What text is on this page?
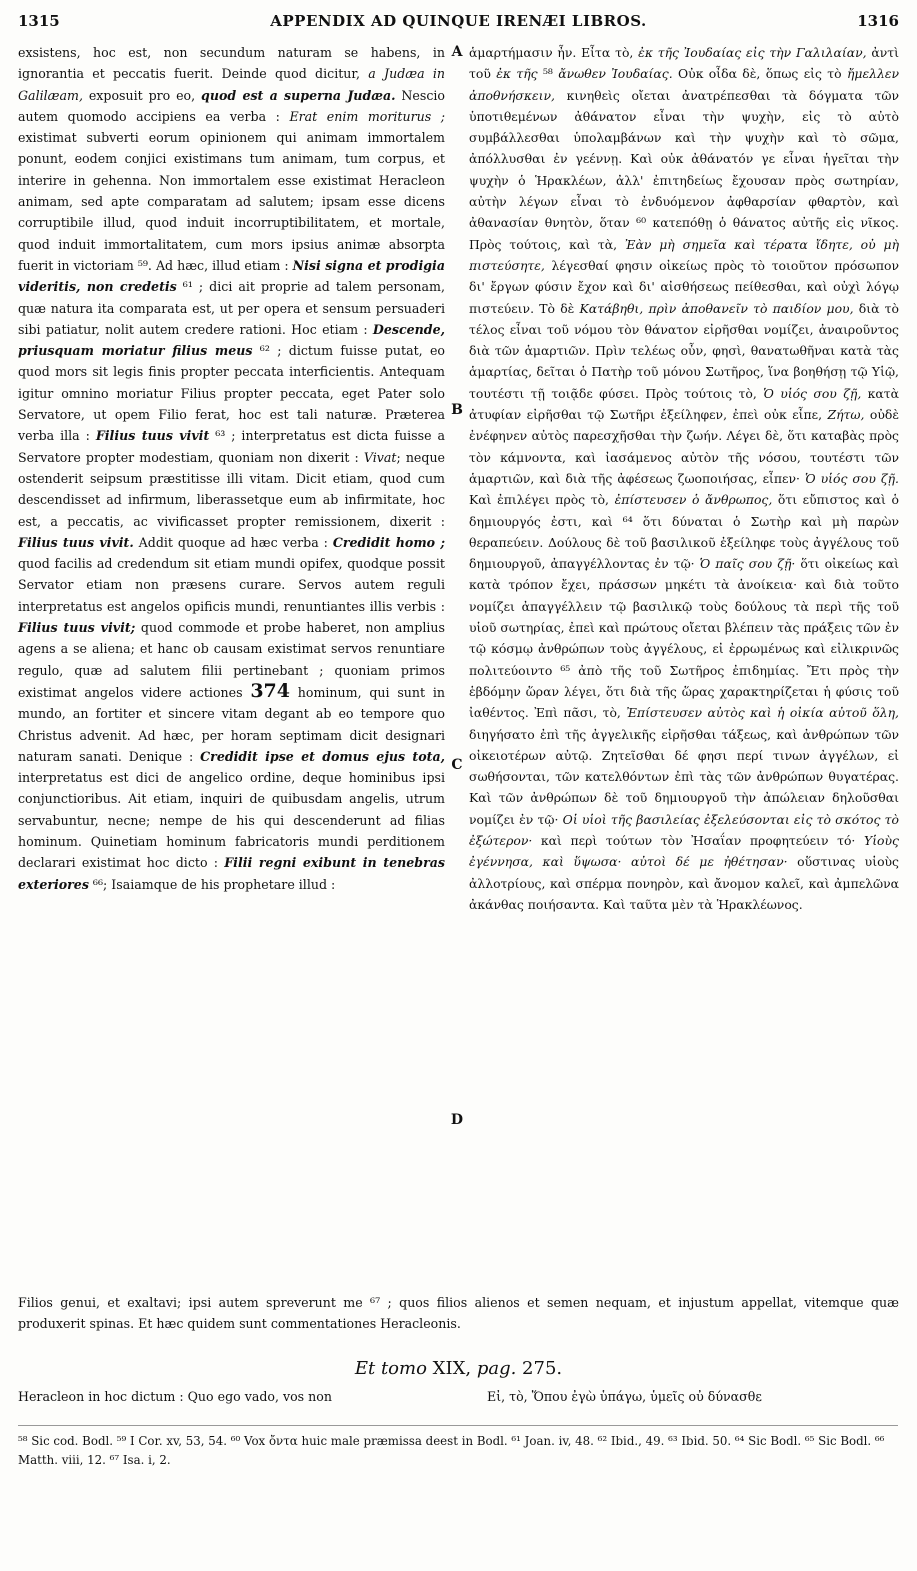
1315	APPENDIX AD QUINQUE IRENÆI LIBROS.	1316

exsistens, hoc est, non secundum naturam se habens, in ignorantia et peccatis fuerit. Deinde quod dicitur, a Judæa in Galilæam, exposuit pro eo, quod est a superna Judæa. Nescio autem quomodo accipiens ea verba : Erat enim moriturus ; existimat subverti eorum opinionem qui animam immortalem ponunt, eodem conjici existimans tum animam, tum corpus, et interire in gehenna. Non immortalem esse existimat Heracleon animam, sed apte comparatam ad salutem; ipsam esse dicens corruptibile illud, quod induit incorruptibilitatem, et mortale, quod induit immortalitatem, cum mors ipsius animæ absorpta fuerit in victoriam ⁵⁹. Ad hæc, illud etiam : Nisi signa et prodigia videritis, non credetis ⁶¹ ; dici ait proprie ad talem personam, quæ natura ita comparata est, ut per opera et sensum persuaderi sibi patiatur, nolit autem credere rationi. Hoc etiam : Descende, priusquam moriatur filius meus ⁶² ; dictum fuisse putat, eo quod mors sit legis finis propter peccata interficientis. Antequam igitur omnino moriatur Filius propter peccata, eget Pater solo Servatore, ut opem Filio ferat, hoc est tali naturæ. Præterea verba illa : Filius tuus vivit ⁶³ ; interpretatus est dicta fuisse a Servatore propter modestiam, quoniam non dixerit : Vivat; neque ostenderit seipsum præstitisse illi vitam. Dicit etiam, quod cum descendisset ad infirmum, liberassetque eum ab infirmitate, hoc est, a peccatis, ac vivificasset propter remissionem, dixerit : Filius tuus vivit. Addit quoque ad hæc verba : Credidit homo ; quod facilis ad credendum sit etiam mundi opifex, quodque possit Servator etiam non præsens curare. Servos autem reguli interpretatus est angelos opificis mundi, renuntiantes illis verbis : Filius tuus vivit; quod commode et probe haberet, non amplius agens a se aliena; et hanc ob causam existimat servos renuntiare regulo, quæ ad salutem filii pertinebant ; quoniam primos existimat angelos videre actiones 374 hominum, qui sunt in mundo, an fortiter et sincere vitam degant ab eo tempore quo Christus advenit. Ad hæc, per horam septimam dicit designari naturam sanati. Denique : Credidit ipse et domus ejus tota, interpretatus est dici de angelico ordine, deque hominibus ipsi conjunctioribus. Ait etiam, inquiri de quibusdam angelis, utrum servabuntur, necne; nempe de his qui descenderunt ad filias hominum. Quinetiam hominum fabricatoris mundi perditionem declarari existimat hoc dicto : Filii regni exibunt in tenebras exteriores ⁶⁶; Isaiamque de his prophetare illud :

A
B
C
D

ἁμαρτήμασιν ἦν. Εἶτα τὸ, ἐκ τῆς Ἰουδαίας εἰς τὴν Γαλιλαίαν, ἀντὶ τοῦ ἐκ τῆς ⁵⁸ ἄνωθεν Ἰουδαίας. Οὐκ οἶδα δὲ, ὅπως εἰς τὸ ἤμελλεν ἀποθνήσκειν, κινηθεὶς οἴεται ἀνατρέπεσθαι τὰ δόγματα τῶν ὑποτιθεμένων ἀθάνατον εἶναι τὴν ψυχὴν, εἰς τὸ αὐτὸ συμβάλλεσθαι ὑπολαμβάνων καὶ τὴν ψυχὴν καὶ τὸ σῶμα, ἀπόλλυσθαι ἐν γεέννῃ. Καὶ οὐκ ἀθάνατόν γε εἶναι ἡγεῖται τὴν ψυχὴν ὁ Ἡρακλέων, ἀλλ' ἐπιτηδείως ἔχουσαν πρὸς σωτηρίαν, αὐτὴν λέγων εἶναι τὸ ἐνδυόμενον ἀφθαρσίαν φθαρτὸν, καὶ ἀθανασίαν θνητὸν, ὅταν ⁶⁰ κατεπόθῃ ὁ θάνατος αὐτῆς εἰς νῖκος. Πρὸς τούτοις, καὶ τὰ, Ἐὰν μὴ σημεῖα καὶ τέρατα ἴδητε, οὐ μὴ πιστεύσητε, λέγεσθαί φησιν οἰκείως πρὸς τὸ τοιοῦτον πρόσωπον δι' ἔργων φύσιν ἔχον καὶ δι' αἰσθήσεως πείθεσθαι, καὶ οὐχὶ λόγῳ πιστεύειν. Τὸ δὲ Κατάβηθι, πρὶν ἀποθανεῖν τὸ παιδίον μου, διὰ τὸ τέλος εἶναι τοῦ νόμου τὸν θάνατον εἰρῆσθαι νομίζει, ἀναιροῦντος διὰ τῶν ἁμαρτιῶν. Πρὶν τελέως οὖν, φησὶ, θανατωθῆναι κατὰ τὰς ἁμαρτίας, δεῖται ὁ Πατὴρ τοῦ μόνου Σωτῆρος, ἵνα βοηθήσῃ τῷ Υἱῷ, τουτέστι τῇ τοιᾷδε φύσει. Πρὸς τούτοις τὸ, Ὁ υἱός σου ζῇ, κατὰ ἀτυφίαν εἰρῆσθαι τῷ Σωτῆρι ἐξείληφεν, ἐπεὶ οὐκ εἶπε, Ζήτω, οὐδὲ ἐνέφηνεν αὐτὸς παρεσχῆσθαι τὴν ζωήν. Λέγει δὲ, ὅτι καταβὰς πρὸς τὸν κάμνοντα, καὶ ἰασάμενος αὐτὸν τῆς νόσου, τουτέστι τῶν ἁμαρτιῶν, καὶ διὰ τῆς ἀφέσεως ζωοποιήσας, εἶπεν· Ὁ υἱός σου ζῇ. Καὶ ἐπιλέγει πρὸς τὸ, ἐπίστευσεν ὁ ἄνθρωπος, ὅτι εὔπιστος καὶ ὁ δημιουργός ἐστι, καὶ ⁶⁴ ὅτι δύναται ὁ Σωτὴρ καὶ μὴ παρὼν θεραπεύειν. Δούλους δὲ τοῦ βασιλικοῦ ἐξείληφε τοὺς ἀγγέλους τοῦ δημιουργοῦ, ἀπαγγέλλοντας ἐν τῷ· Ὁ παῖς σου ζῇ· ὅτι οἰκείως καὶ κατὰ τρόπον ἔχει, πράσσων μηκέτι τὰ ἀνοίκεια· καὶ διὰ τοῦτο νομίζει ἀπαγγέλλειν τῷ βασιλικῷ τοὺς δούλους τὰ περὶ τῆς τοῦ υἱοῦ σωτηρίας, ἐπεὶ καὶ πρώτους οἴεται βλέπειν τὰς πράξεις τῶν ἐν τῷ κόσμῳ ἀνθρώπων τοὺς ἀγγέλους, εἰ ἐρρωμένως καὶ εἰλικρινῶς πολιτεύοιντο ⁶⁵ ἀπὸ τῆς τοῦ Σωτῆρος ἐπιδημίας. Ἔτι πρὸς τὴν ἑβδόμην ὥραν λέγει, ὅτι διὰ τῆς ὥρας χαρακτηρίζεται ἡ φύσις τοῦ ἰαθέντος. Ἐπὶ πᾶσι, τὸ, Ἐπίστευσεν αὐτὸς καὶ ἡ οἰκία αὐτοῦ ὅλη, διηγήσατο ἐπὶ τῆς ἀγγελικῆς εἰρῆσθαι τάξεως, καὶ ἀνθρώπων τῶν οἰκειοτέρων αὐτῷ. Ζητεῖσθαι δέ φησι περί τινων ἀγγέλων, εἰ σωθήσονται, τῶν κατελθόντων ἐπὶ τὰς τῶν ἀνθρώπων θυγατέρας. Καὶ τῶν ἀνθρώπων δὲ τοῦ δημιουργοῦ τὴν ἀπώλειαν δηλοῦσθαι νομίζει ἐν τῷ· Οἱ υἱοὶ τῆς βασιλείας ἐξελεύσονται εἰς τὸ σκότος τὸ ἐξώτερον· καὶ περὶ τούτων τὸν Ἠσαΐαν προφητεύειν τό· Υἱοὺς ἐγέννησα, καὶ ὕψωσα· αὐτοὶ δέ με ἠθέτησαν· οὕστινας υἱοὺς ἀλλοτρίους, καὶ σπέρμα πονηρὸν, καὶ ἄνομον καλεῖ, καὶ ἀμπελῶνα ἀκάνθας ποιήσαντα. Καὶ ταῦτα μὲν τὰ Ἡρακλέωνος.

Filios genui, et exaltavi; ipsi autem spreverunt me ⁶⁷ ; quos filios alienos et semen nequam, et injustum appellat, vitemque quæ produxerit spinas. Et hæc quidem sunt commentationes Heracleonis.
Et tomo XIX, pag. 275.
Heracleon in hoc dictum : Quo ego vado, vos non	Εἰ, τὸ, Ὅπου ἐγὼ ὑπάγω, ὑμεῖς οὐ δύνασθε
⁵⁸ Sic cod. Bodl. ⁵⁹ I Cor. xv, 53, 54. ⁶⁰ Vox ὄντα huic male præmissa deest in Bodl. ⁶¹ Joan. iv, 48. ⁶² Ibid., 49. ⁶³ Ibid. 50. ⁶⁴ Sic Bodl. ⁶⁵ Sic Bodl. ⁶⁶ Matth. viii, 12. ⁶⁷ Isa. i, 2.
